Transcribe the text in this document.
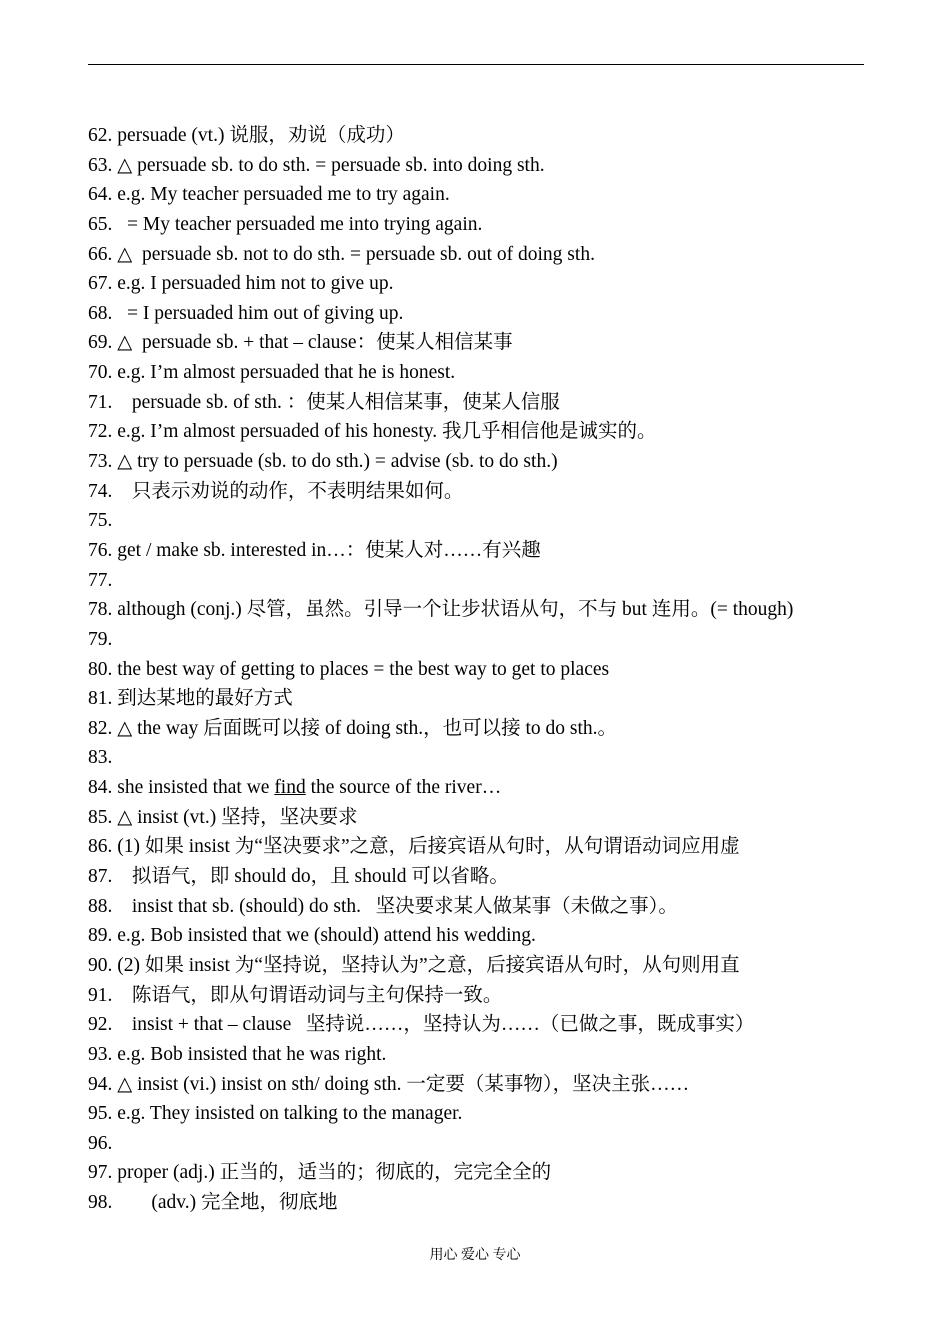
62. persuade (vt.) 说服，劝说（成功）
63. △ persuade sb. to do sth. = persuade sb. into doing sth.
64. e.g. My teacher persuaded me to try again.
65.   = My teacher persuaded me into trying again.
66. △  persuade sb. not to do sth. = persuade sb. out of doing sth.
67. e.g. I persuaded him not to give up.
68.   = I persuaded him out of giving up.
69. △  persuade sb. + that – clause：使某人相信某事
70. e.g. I’m almost persuaded that he is honest.
71.    persuade sb. of sth. ：使某人相信某事，使某人信服
72. e.g. I’m almost persuaded of his honesty. 我几乎相信他是诚实的。
73. △ try to persuade (sb. to do sth.) = advise (sb. to do sth.)
74.    只表示劝说的动作，不表明结果如何。
75.
76. get / make sb. interested in…：使某人对……有兴趣
77.
78. although (conj.) 尽管，虽然。引导一个让步状语从句，不与 but 连用。(= though)
79.
80. the best way of getting to places = the best way to get to places
81. 到达某地的最好方式
82. △ the way 后面既可以接 of doing sth.，也可以接 to do sth.。
83.
84. she insisted that we find the source of the river…
85. △ insist (vt.) 坚持，坚决要求
86. (1) 如果 insist 为“坚决要求”之意，后接宾语从句时，从句谓语动词应用虚
87.    拟语气，即 should do，且 should 可以省略。
88.    insist that sb. (should) do sth.   坚决要求某人做某事（未做之事）。
89. e.g. Bob insisted that we (should) attend his wedding.
90. (2) 如果 insist 为“坚持说，坚持认为”之意，后接宾语从句时，从句则用直
91.    陈语气，即从句谓语动词与主句保持一致。
92.    insist + that – clause   坚持说……，坚持认为……（已做之事，既成事实）
93. e.g. Bob insisted that he was right.
94. △ insist (vi.) insist on sth/ doing sth. 一定要（某事物），坚决主张……
95. e.g. They insisted on talking to the manager.
96.
97. proper (adj.) 正当的，适当的；彻底的，完完全全的
98.        (adv.) 完全地，彻底地
用心 爱心 专心
